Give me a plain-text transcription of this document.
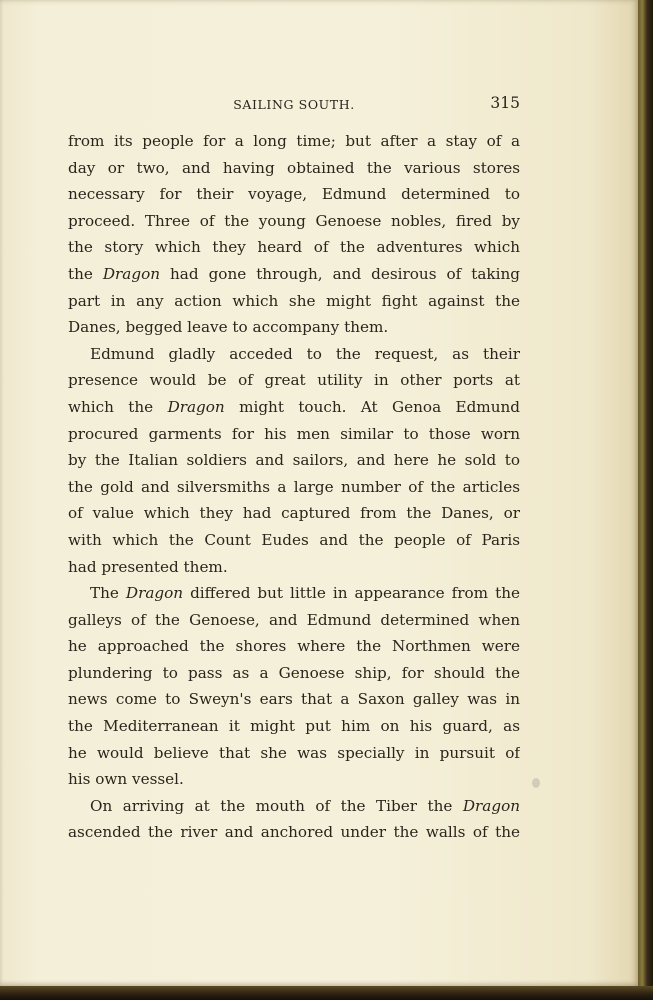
SAILING SOUTH.	315
from its people for a long time; but after a stay of a
day or two, and having obtained the various stores
necessary for their voyage, Edmund determined to
proceed. Three of the young Genoese nobles, fired by
the story which they heard of the adventures which
the Dragon had gone through, and desirous of taking
part in any action which she might fight against the
Danes, begged leave to accompany them.
Edmund gladly acceded to the request, as their
presence would be of great utility in other ports at
which the Dragon might touch. At Genoa Edmund
procured garments for his men similar to those worn
by the Italian soldiers and sailors, and here he sold to
the gold and silversmiths a large number of the articles
of value which they had captured from the Danes, or
with which the Count Eudes and the people of Paris
had presented them.
The Dragon differed but little in appearance from the
galleys of the Genoese, and Edmund determined when
he approached the shores where the Northmen were
plundering to pass as a Genoese ship, for should the
news come to Sweyn's ears that a Saxon galley was in
the Mediterranean it might put him on his guard, as
he would believe that she was specially in pursuit of
his own vessel.
On arriving at the mouth of the Tiber the Dragon
ascended the river and anchored under the walls of the
